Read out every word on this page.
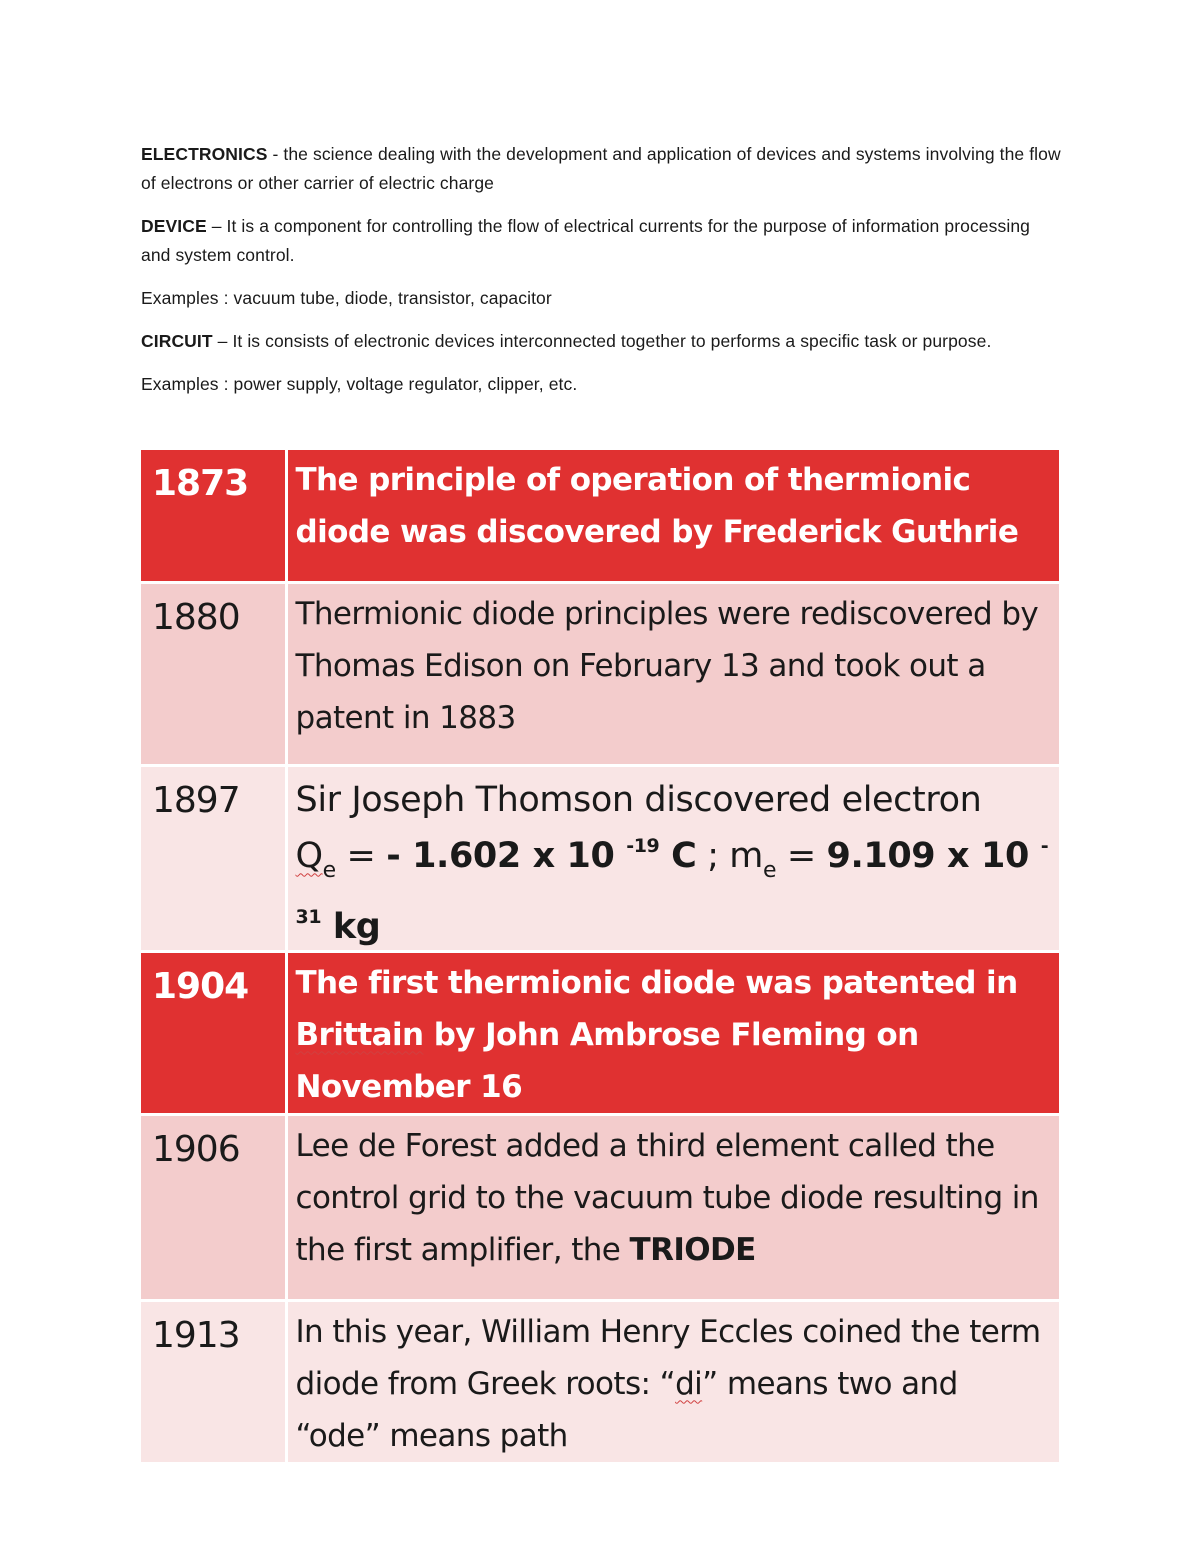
ELECTRONICS - the science dealing with the development and application of devices and systems involving the flow of electrons or other carrier of electric charge

DEVICE – It is a component for controlling the flow of electrical currents for the purpose of information processing and system control.

Examples : vacuum tube, diode, transistor, capacitor

CIRCUIT – It is consists of electronic devices interconnected together to performs a specific task or purpose.

Examples : power supply, voltage regulator, clipper, etc.

1873	The principle of operation of thermionic diode was discovered by Frederick Guthrie
1880	Thermionic diode principles were rediscovered by Thomas Edison on February 13 and took out a patent in 1883
1897	Sir Joseph Thomson discovered electron
$Q_e$ = - 1.602 x 10 $^{-19}$ C ; $m_e = 9.109$ x 10 -
$^{31}$ kg
1904	The first thermionic diode was patented in Brittain by John Ambrose Fleming on November 16
1906	Lee de Forest added a third element called the control grid to the vacuum tube diode resulting in the first amplifier, the TRIODE
1913	In this year, William Henry Eccles coined the term diode from Greek roots: “di” means two and “ode” means path
